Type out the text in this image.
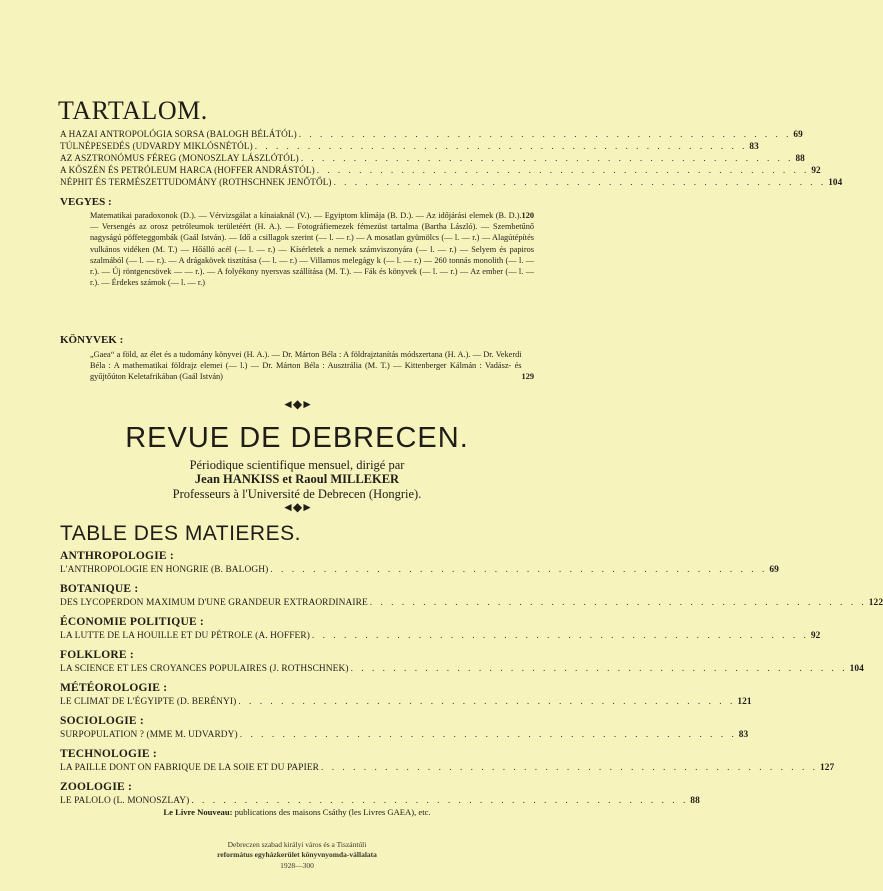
TARTALOM.
A HAZAI ANTROPOLÓGIA SORSA (BALOGH BÉLÁTÓL) . . . . . . . . . . . . . . . . . . . . . . . . . . . . . . . . . . . . . . . . . . . . . . . 69
TÚLNÉPESEDÉS (UDVARDY MIKLÓSNÉTÓL) . . . . . . . . . . . . . . . . . . . . . . . . . . . . . . . . . . . . . . . . . . . . . . . 83
AZ ASZTRONÓMUS FÉREG (MONOSZLAY LÁSZLÓTÓL) . . . . . . . . . . . . . . . . . . . . . . . . . . . . . . . . . . . . . . . . . . . . . . . 88
A KŐSZÉN ÉS PETRÓLEUM HARCA (HOFFER ANDRÁSTÓL) . . . . . . . . . . . . . . . . . . . . . . . . . . . . . . . . . . . . . . . . . . . . . . . 92
NÉPHIT ÉS TERMÉSZETTUDOMÁNY (ROTHSCHNEK JENŐTŐL) . . . . . . . . . . . . . . . . . . . . . . . . . . . . . . . . . . . . . . . . . . . . . . . 104
VEGYES :
120
Matematikai paradoxonok (D.). — Vérvizsgálat a kínaiaknál (V.). — Egyiptom klímája (B. D.). — Az időjárási elemek (B. D.). — Versengés az orosz petróleumok területéért (H. A.). — Fotográfiemezek fémezüst tartalma (Bartha László). — Szembetűnő nagyságú pöffeteggombák (Gaál István). — Idő a csillagok szerint (— l. — r.) — A mosatlan gyümölcs (— l. — r.) — Alagútépítés vulkános vidéken (M. T.) — Hőálló acél (— l. — r.) — Kísérletek a nemek számviszonyára (— l. — r.) — Selyem és papiros szalmából (— l. — r.). — A drágakövek tisztítása (— l. — r.) — Villamos melegágy k (— l. — r.) — 260 tonnás monolith (— l. — r.). — Új röntgencsövek — — r.). — A folyékony nyersvas szállítása (M. T.). — Fák és könyvek (— l. — r.) — Az ember (— l. — r.). — Érdekes számok (— l. — r.)
KÖNYVEK :
129
„Gaea“ a föld, az élet és a tudomány könyvei (H. A.). — Dr. Márton Béla : A földrajztanítás módszertana (H. A.). — Dr. Vekerdi Béla : A mathematikai földrajz elemei (— l.) — Dr. Márton Béla : Ausztrália (M. T.) — Kittenberger Kálmán : Vadász- és gyűjtőúton Keletafrikában (Gaál István)
◄◆►
REVUE DE DEBRECEN.
Périodique scientifique mensuel, dirigé par
Jean HANKISS et Raoul MILLEKER
Professeurs à l'Université de Debrecen (Hongrie).
◄◆►
TABLE DES MATIERES.
ANTHROPOLOGIE :
L'ANTHROPOLOGIE EN HONGRIE (B. BALOGH) . . . . . . . . . . . . . . . . . . . . . . . . . . . . . . . . . . . . . . . . . . . . . . . 69
BOTANIQUE :
DES LYCOPERDON MAXIMUM D'UNE GRANDEUR EXTRAORDINAIRE . . . . . . . . . . . . . . . . . . . . . . . . . . . . . . . . . . . . . . . . . . . . . . . 122
ÉCONOMIE POLITIQUE :
LA LUTTE DE LA HOUILLE ET DU PÉTROLE (A. HOFFER) . . . . . . . . . . . . . . . . . . . . . . . . . . . . . . . . . . . . . . . . . . . . . . . 92
FOLKLORE :
LA SCIENCE ET LES CROYANCES POPULAIRES (J. ROTHSCHNEK) . . . . . . . . . . . . . . . . . . . . . . . . . . . . . . . . . . . . . . . . . . . . . . . 104
MÉTÉOROLOGIE :
LE CLIMAT DE L'ÉGYIPTE (D. BERÉNYI) . . . . . . . . . . . . . . . . . . . . . . . . . . . . . . . . . . . . . . . . . . . . . . . 121
SOCIOLOGIE :
SURPOPULATION ? (MME M. UDVARDY) . . . . . . . . . . . . . . . . . . . . . . . . . . . . . . . . . . . . . . . . . . . . . . . 83
TECHNOLOGIE :
LA PAILLE DONT ON FABRIQUE DE LA SOIE ET DU PAPIER . . . . . . . . . . . . . . . . . . . . . . . . . . . . . . . . . . . . . . . . . . . . . . . 127
ZOOLOGIE :
LE PALOLO (L. MONOSZLAY) . . . . . . . . . . . . . . . . . . . . . . . . . . . . . . . . . . . . . . . . . . . . . . . 88
Le Livre Nouveau: publications des maisons Csáthy (les Livres GAEA), etc.
Debreczen szabad királyi város és a Tiszántúli
református egyházkerület könyvnyomda-vállalata
1928—300
